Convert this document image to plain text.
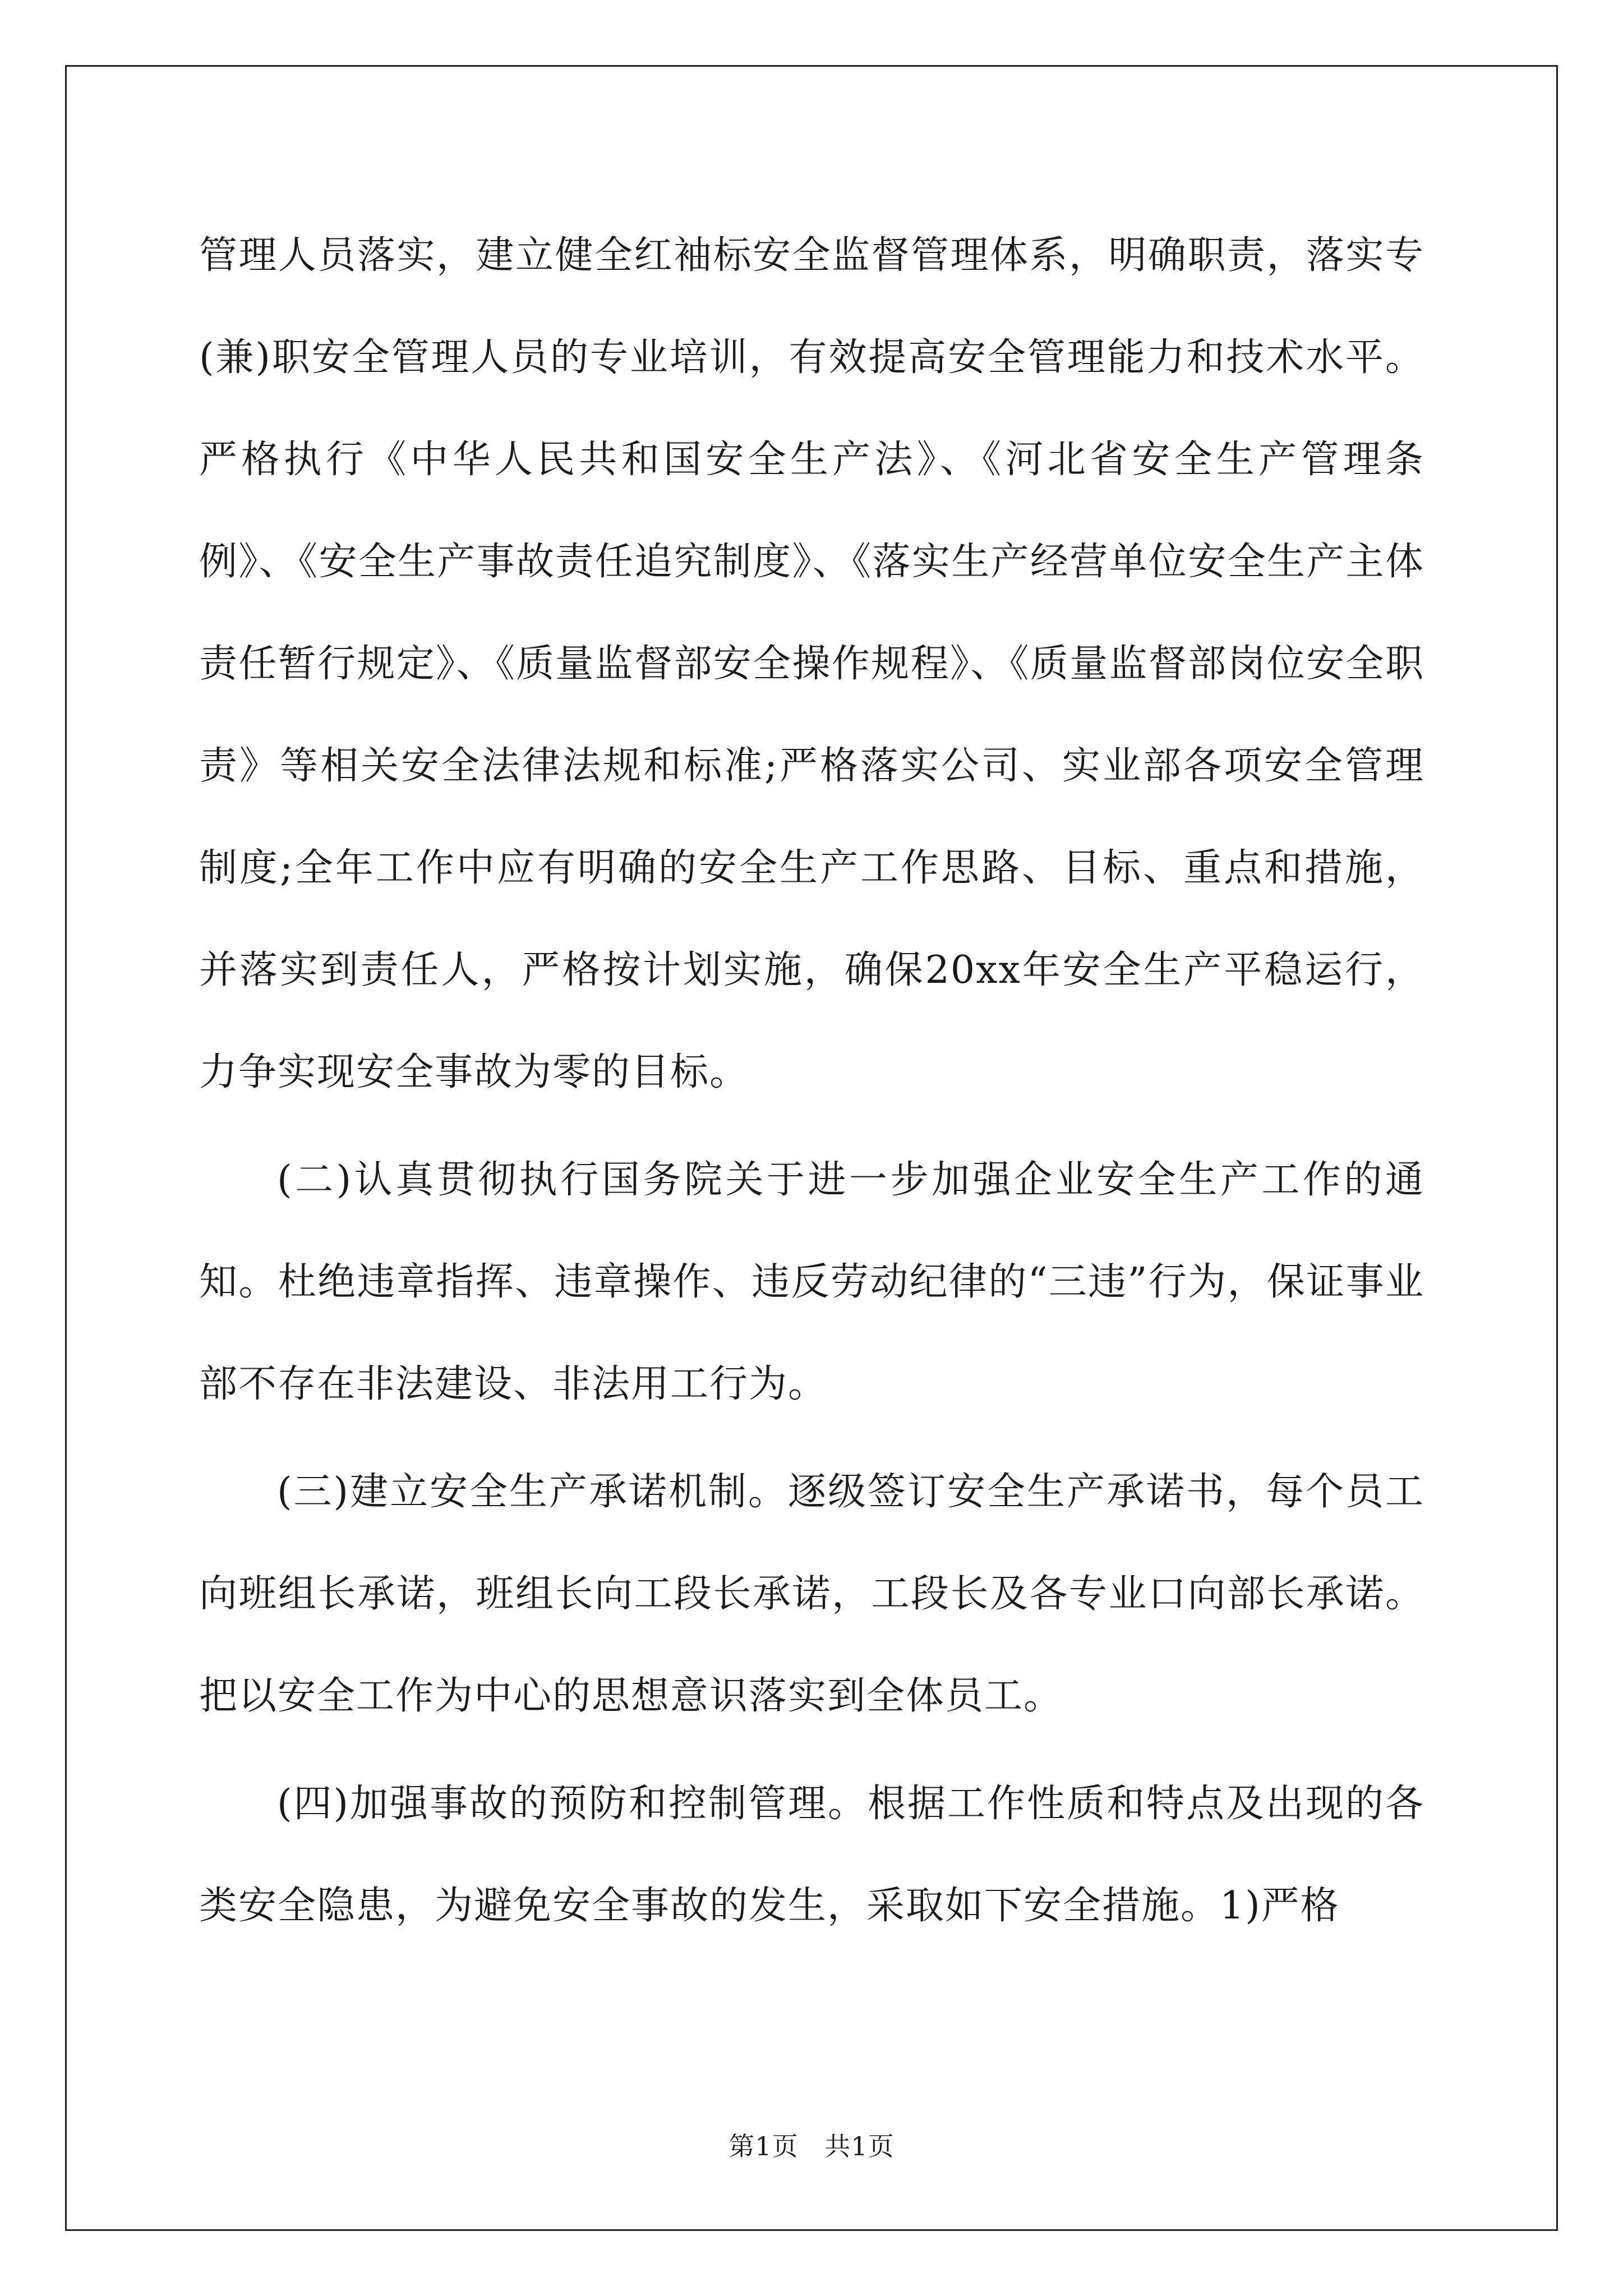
管理人员落实，建立健全红袖标安全监督管理体系，明确职责，落实专(兼)职安全管理人员的专业培训，有效提高安全管理能力和技术水平。严格执行《中华人民共和国安全生产法》、《河北省安全生产管理条例》、《安全生产事故责任追究制度》、《落实生产经营单位安全生产主体责任暂行规定》、《质量监督部安全操作规程》、《质量监督部岗位安全职责》等相关安全法律法规和标准;严格落实公司、实业部各项安全管理制度;全年工作中应有明确的安全生产工作思路、目标、重点和措施，并落实到责任人，严格按计划实施，确保20xx年安全生产平稳运行，力争实现安全事故为零的目标。

(二)认真贯彻执行国务院关于进一步加强企业安全生产工作的通知。杜绝违章指挥、违章操作、违反劳动纪律的“三违”行为，保证事业部不存在非法建设、非法用工行为。

(三)建立安全生产承诺机制。逐级签订安全生产承诺书，每个员工向班组长承诺，班组长向工段长承诺，工段长及各专业口向部长承诺。把以安全工作为中心的思想意识落实到全体员工。

(四)加强事故的预防和控制管理。根据工作性质和特点及出现的各类安全隐患，为避免安全事故的发生，采取如下安全措施。1)严格

第1页   共1页
